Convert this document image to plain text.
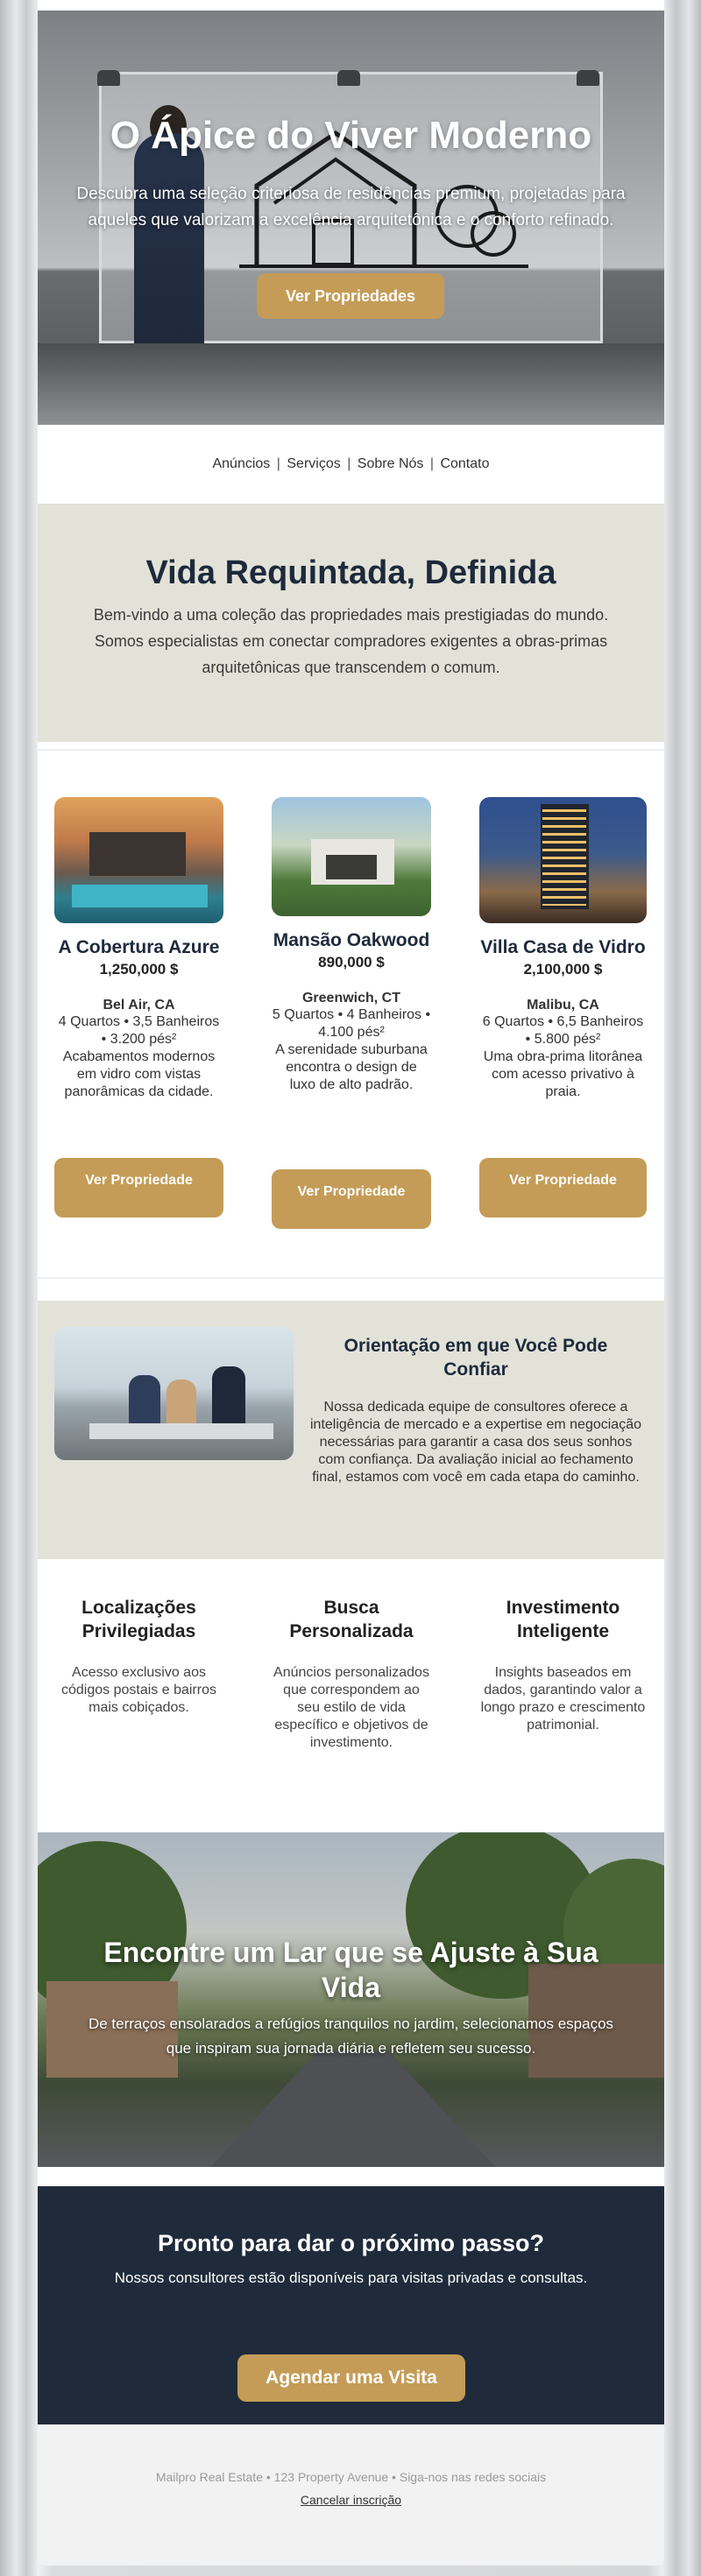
O Ápice do Viver Moderno

Descubra uma seleção criteriosa de residências premium, projetadas para aqueles que valorizam a excelência arquitetônica e o conforto refinado.

Ver Propriedades
Anúncios | Serviços | Sobre Nós | Contato
Vida Requintada, Definida

Bem-vindo a uma coleção das propriedades mais prestigiadas do mundo. Somos especialistas em conectar compradores exigentes a obras-primas arquitetônicas que transcendem o comum.

A Cobertura Azure
1,250,000 $
Bel Air, CA
4 Quartos • 3,5 Banheiros • 3.200 pés²
Acabamentos modernos em vidro com vistas panorâmicas da cidade.
Ver Propriedade
Mansão Oakwood
890,000 $
Greenwich, CT
5 Quartos • 4 Banheiros • 4.100 pés²
A serenidade suburbana encontra o design de luxo de alto padrão.
Ver Propriedade
Villa Casa de Vidro
2,100,000 $
Malibu, CA
6 Quartos • 6,5 Banheiros • 5.800 pés²
Uma obra-prima litorânea com acesso privativo à praia.
Ver Propriedade
Orientação em que Você Pode Confiar

Nossa dedicada equipe de consultores oferece a inteligência de mercado e a expertise em negociação necessárias para garantir a casa dos seus sonhos com confiança. Da avaliação inicial ao fechamento final, estamos com você em cada etapa do caminho.

Localizações Privilegiadas

Acesso exclusivo aos códigos postais e bairros mais cobiçados.

Busca Personalizada

Anúncios personalizados que correspondem ao seu estilo de vida específico e objetivos de investimento.

Investimento Inteligente

Insights baseados em dados, garantindo valor a longo prazo e crescimento patrimonial.

Encontre um Lar que se Ajuste à Sua Vida

De terraços ensolarados a refúgios tranquilos no jardim, selecionamos espaços que inspiram sua jornada diária e refletem seu sucesso.

Pronto para dar o próximo passo?

Nossos consultores estão disponíveis para visitas privadas e consultas.

Agendar uma Visita
Mailpro Real Estate • 123 Property Avenue • Siga-nos nas redes sociais
Cancelar inscrição
